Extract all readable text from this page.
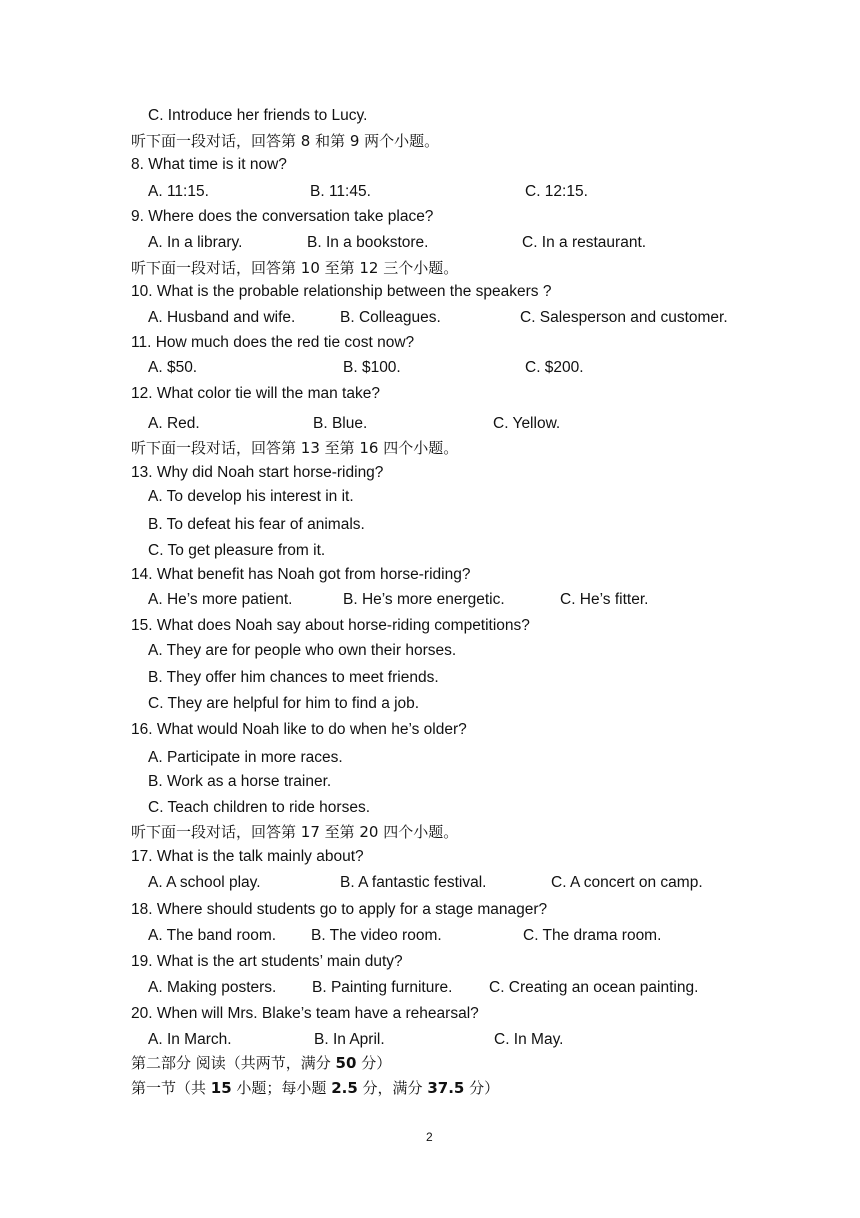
C. Introduce her friends to Lucy.
听下面一段对话，回答第 8 和第 9 两个小题。
8. What time is it now?
A. 11:15.	B. 11:45.	C. 12:15.
9. Where does the conversation take place?
A. In a library.	B. In a bookstore.	C. In a restaurant.
听下面一段对话，回答第 10 至第 12 三个小题。
10. What is the probable relationship between the speakers ?
A. Husband and wife.	B. Colleagues.	C. Salesperson and customer.
11. How much does the red tie cost now?
A. $50.	B. $100.	C. $200.
12. What color tie will the man take?
A. Red.	B. Blue.	C. Yellow.
听下面一段对话，回答第 13 至第 16 四个小题。
13. Why did Noah start horse-riding?
A. To develop his interest in it.
B. To defeat his fear of animals.
C. To get pleasure from it.
14. What benefit has Noah got from horse-riding?
A. He’s more patient.	B. He’s more energetic.	C. He’s fitter.
15. What does Noah say about horse-riding competitions?
A. They are for people who own their horses.
B. They offer him chances to meet friends.
C. They are helpful for him to find a job.
16. What would Noah like to do when he’s older?
A. Participate in more races.
B. Work as a horse trainer.
C. Teach children to ride horses.
听下面一段对话，回答第 17 至第 20 四个小题。
17. What is the talk mainly about?
A. A school play.	B. A fantastic festival.	C. A concert on camp.
18. Where should students go to apply for a stage manager?
A. The band room. B. The video room.	C. The drama room.
19. What is the art students’ main duty?
A. Making posters. B. Painting furniture. C. Creating an ocean painting.
20. When will Mrs. Blake’s team have a rehearsal?
A. In March.	B. In April.	C. In May.
第二部分 阅读（共两节，满分 50 分）
第一节（共 15 小题；每小题 2.5 分，满分 37.5 分）
2
